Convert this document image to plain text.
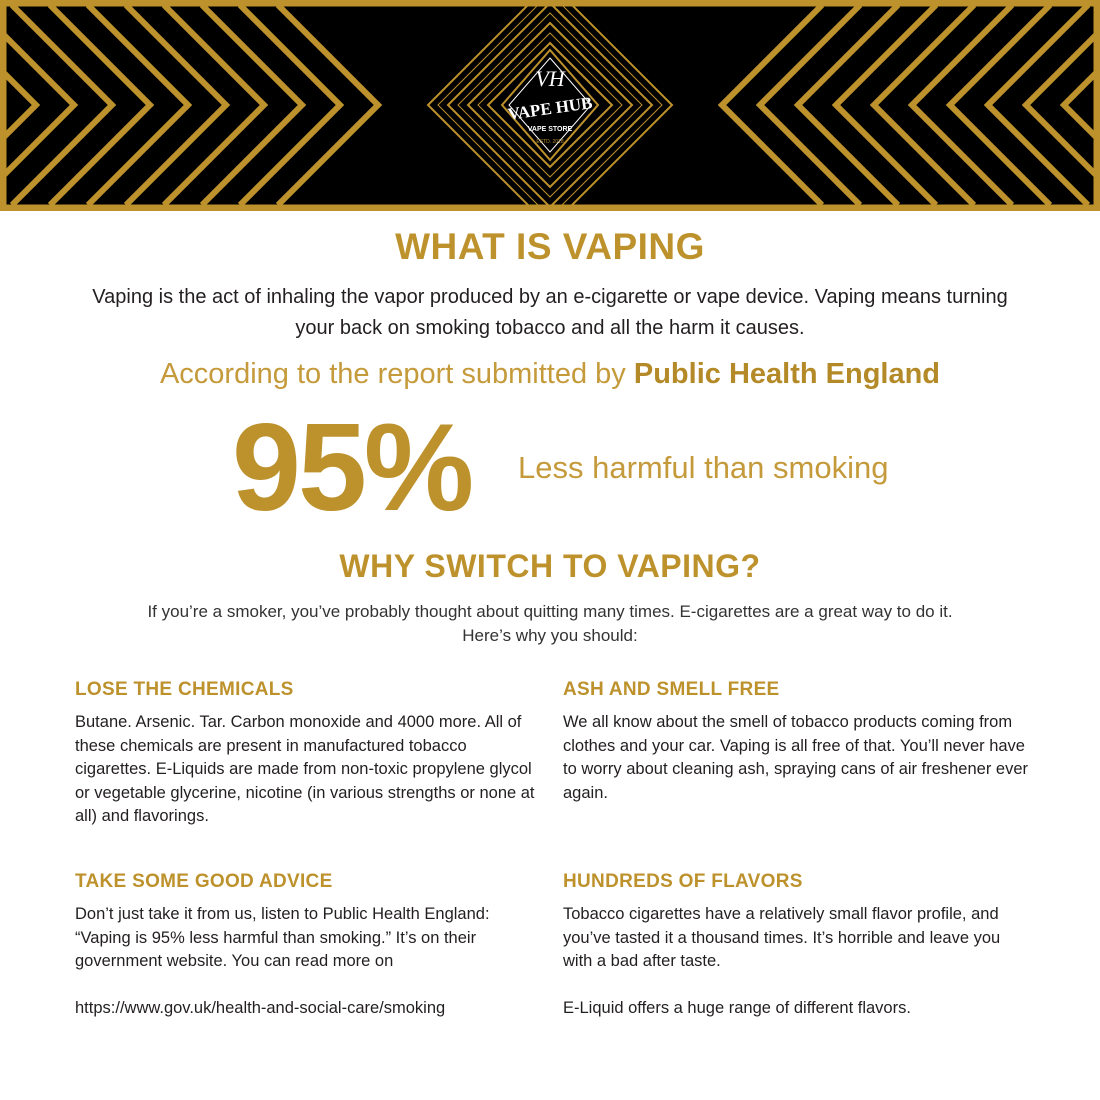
VH
VAPE HUB
VAPE STORE
ESTD. 2018
WHAT IS VAPING
Vaping is the act of inhaling the vapor produced by an e-cigarette or vape device. Vaping means turning
your back on smoking tobacco and all the harm it causes.
According to the report submitted by Public Health England
95% Less harmful than smoking
WHY SWITCH TO VAPING?
If you’re a smoker, you’ve probably thought about quitting many times. E-cigarettes are a great way to do it.
Here’s why you should:
LOSE THE CHEMICALS

Butane. Arsenic. Tar. Carbon monoxide and 4000 more. All of these chemicals are present in manufactured tobacco cigarettes. E-Liquids are made from non-toxic propylene glycol or vegetable glycerine, nicotine (in various strengths or none at all) and flavorings.

ASH AND SMELL FREE

We all know about the smell of tobacco products coming from clothes and your car. Vaping is all free of that. You’ll never have to worry about cleaning ash, spraying cans of air freshener ever again.

TAKE SOME GOOD ADVICE

Don’t just take it from us, listen to Public Health England: “Vaping is 95% less harmful than smoking.” It’s on their government website. You can read more on

https://www.gov.uk/health-and-social-care/smoking

HUNDREDS OF FLAVORS

Tobacco cigarettes have a relatively small flavor profile, and you’ve tasted it a thousand times. It’s horrible and leave you with a bad after taste.

E-Liquid offers a huge range of different flavors.
